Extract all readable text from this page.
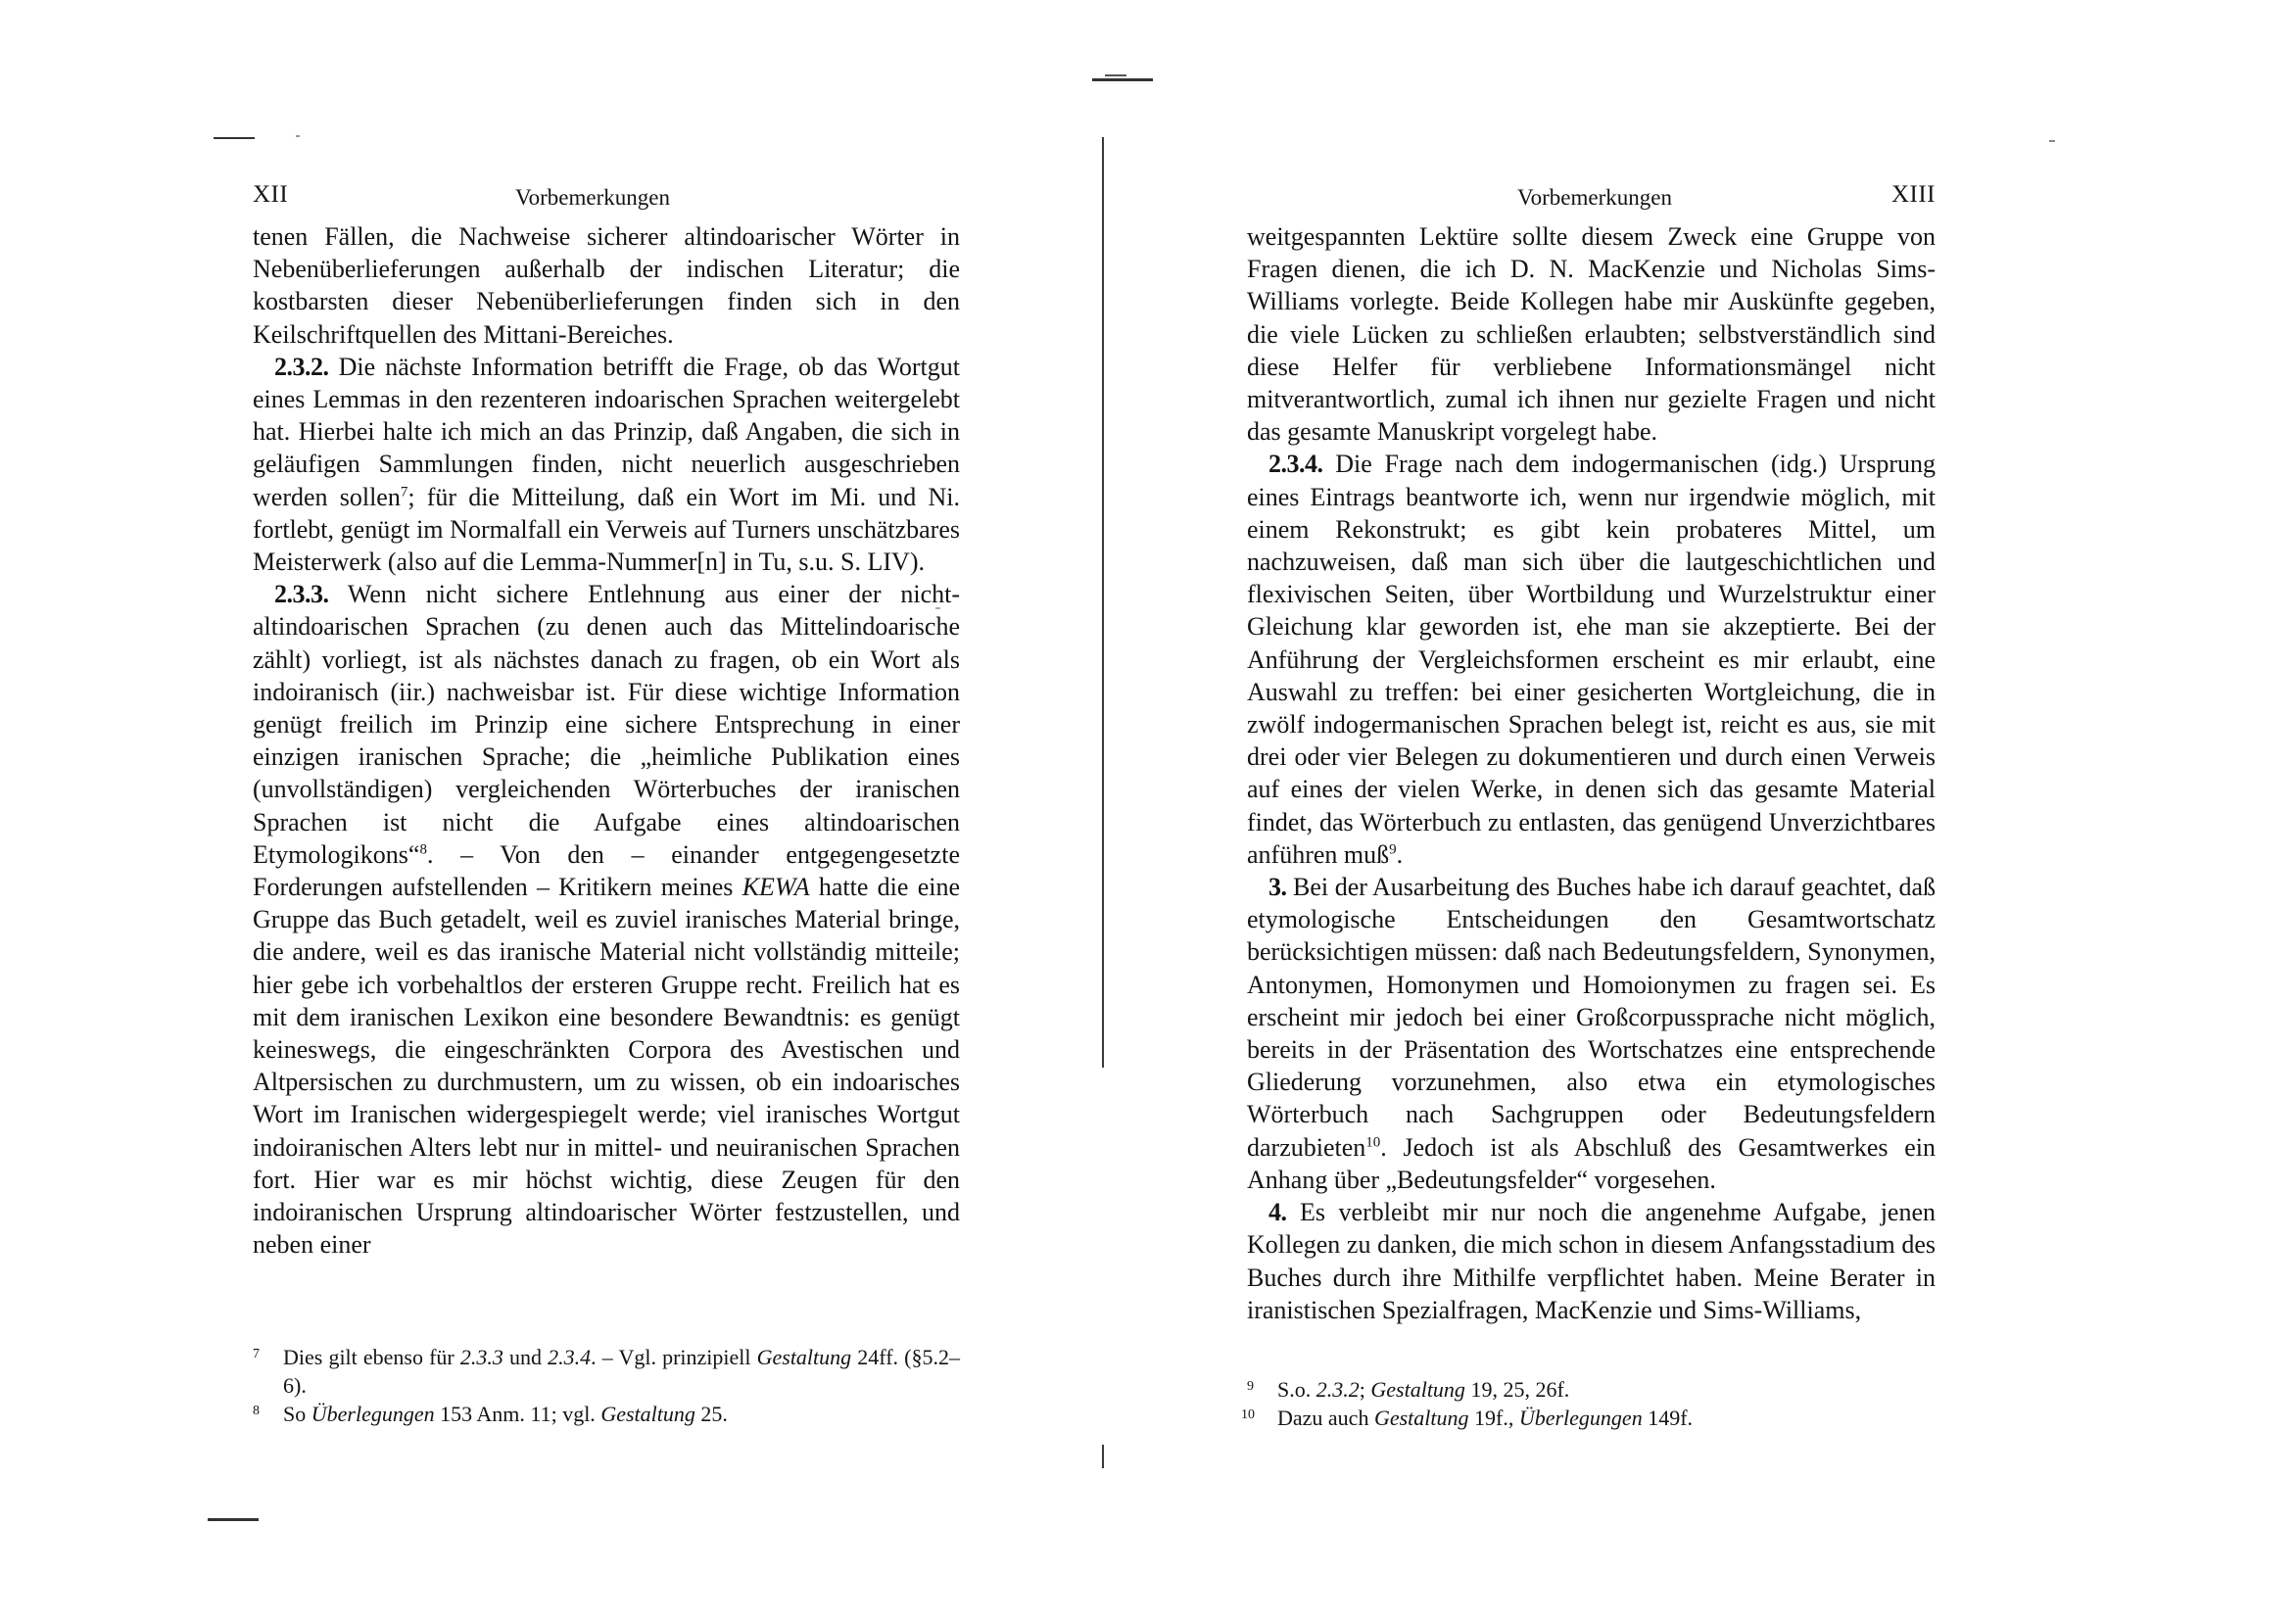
XII	Vorbemerkungen

tenen Fällen, die Nachweise sicherer altindoarischer Wörter in Nebenüberlieferungen außerhalb der indischen Literatur; die kostbarsten dieser Nebenüberlieferungen finden sich in den Keilschriftquellen des Mittani-Bereiches.

2.3.2. Die nächste Information betrifft die Frage, ob das Wortgut eines Lemmas in den rezenteren indoarischen Sprachen weitergelebt hat. Hierbei halte ich mich an das Prinzip, daß Angaben, die sich in geläufigen Sammlungen finden, nicht neuerlich ausgeschrieben werden sollen$^7$; für die Mitteilung, daß ein Wort im Mi. und Ni. fortlebt, genügt im Normalfall ein Verweis auf Turners unschätzbares Meisterwerk (also auf die Lemma-Nummer[n] in Tu, s.u. S. LIV).

2.3.3. Wenn nicht sichere Entlehnung aus einer der nicht-altindoarischen Sprachen (zu denen auch das Mittelindoarische zählt) vorliegt, ist als nächstes danach zu fragen, ob ein Wort als indoiranisch (iir.) nachweisbar ist. Für diese wichtige Information genügt freilich im Prinzip eine sichere Entsprechung in einer einzigen iranischen Sprache; die „heimliche Publikation eines (unvollständigen) vergleichenden Wörterbuches der iranischen Sprachen ist nicht die Aufgabe eines altindoarischen Etymologikons“$^8$. – Von den – einander entgegengesetzte Forderungen aufstellenden – Kritikern meines KEWA hatte die eine Gruppe das Buch getadelt, weil es zuviel iranisches Material bringe, die andere, weil es das iranische Material nicht vollständig mitteile; hier gebe ich vorbehaltlos der ersteren Gruppe recht. Freilich hat es mit dem iranischen Lexikon eine besondere Bewandtnis: es genügt keineswegs, die eingeschränkten Corpora des Avestischen und Altpersischen zu durchmustern, um zu wissen, ob ein indoarisches Wort im Iranischen widergespiegelt werde; viel iranisches Wortgut indoiranischen Alters lebt nur in mittel- und neuiranischen Sprachen fort. Hier war es mir höchst wichtig, diese Zeugen für den indoiranischen Ursprung altindoarischer Wörter festzustellen, und neben einer

Vorbemerkungen	XIII

weitgespannten Lektüre sollte diesem Zweck eine Gruppe von Fragen dienen, die ich D. N. MacKenzie und Nicholas Sims-Williams vorlegte. Beide Kollegen habe mir Auskünfte gegeben, die viele Lücken zu schließen erlaubten; selbstverständlich sind diese Helfer für verbliebene Informationsmängel nicht mitverantwortlich, zumal ich ihnen nur gezielte Fragen und nicht das gesamte Manuskript vorgelegt habe.

2.3.4. Die Frage nach dem indogermanischen (idg.) Ursprung eines Eintrags beantworte ich, wenn nur irgendwie möglich, mit einem Rekonstrukt; es gibt kein probateres Mittel, um nachzuweisen, daß man sich über die lautgeschichtlichen und flexivischen Seiten, über Wortbildung und Wurzelstruktur einer Gleichung klar geworden ist, ehe man sie akzeptierte. Bei der Anführung der Vergleichsformen erscheint es mir erlaubt, eine Auswahl zu treffen: bei einer gesicherten Wortgleichung, die in zwölf indogermanischen Sprachen belegt ist, reicht es aus, sie mit drei oder vier Belegen zu dokumentieren und durch einen Verweis auf eines der vielen Werke, in denen sich das gesamte Material findet, das Wörterbuch zu entlasten, das genügend Unverzichtbares anführen muß$^9$.

3. Bei der Ausarbeitung des Buches habe ich darauf geachtet, daß etymologische Entscheidungen den Gesamtwortschatz berücksichtigen müssen: daß nach Bedeutungsfeldern, Synonymen, Antonymen, Homonymen und Homoionymen zu fragen sei. Es erscheint mir jedoch bei einer Großcorpussprache nicht möglich, bereits in der Präsentation des Wortschatzes eine entsprechende Gliederung vorzunehmen, also etwa ein etymologisches Wörterbuch nach Sachgruppen oder Bedeutungsfeldern darzubieten$^{10}$. Jedoch ist als Abschluß des Gesamtwerkes ein Anhang über „Bedeutungsfelder“ vorgesehen.

4. Es verbleibt mir nur noch die angenehme Aufgabe, jenen Kollegen zu danken, die mich schon in diesem Anfangsstadium des Buches durch ihre Mithilfe verpflichtet haben. Meine Berater in iranistischen Spezialfragen, MacKenzie und Sims-Williams,

7 Dies gilt ebenso für 2.3.3 und 2.3.4. – Vgl. prinzipiell Gestaltung 24ff. (§5.2–6).
8 So Überlegungen 153 Anm. 11; vgl. Gestaltung 25.
9 S.o. 2.3.2; Gestaltung 19, 25, 26f.
10 Dazu auch Gestaltung 19f., Überlegungen 149f.
